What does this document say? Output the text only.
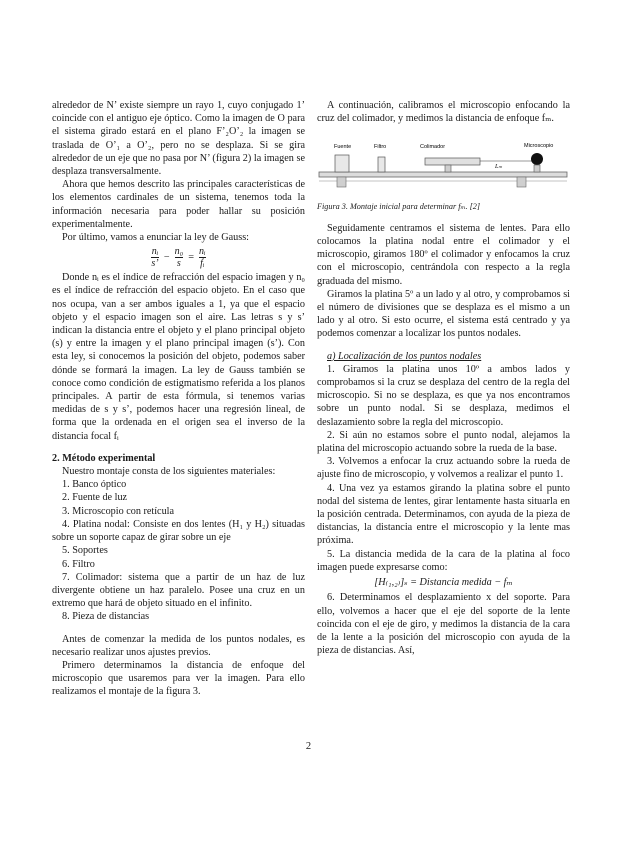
alrededor de N’ existe siempre un rayo 1, cuyo conjugado 1’ coincide con el antiguo eje óptico. Como la imagen de O para el sistema girado estará en el plano F’₂O’₂ la imagen se traslada de O’₁ a O’₂, pero no se desplaza. Si se gira alrededor de un eje que no pasa por N’ (figura 2) la imagen se desplaza transversalmente.

Ahora que hemos descrito las principales características de los elementos cardinales de un sistema, tenemos toda la información necesaria para poder hallar su posición experimentalmente.

Por último, vamos a enunciar la ley de Gauss:

$\frac{\text{nᵢ}}{s’} - \frac{\text{n₀}}{s} = \frac{\text{nᵢ}}{\text{fᵢ}}$

Donde nᵢ es el índice de refracción del espacio imagen y n₀ es el índice de refracción del espacio objeto. En el caso que nos ocupa, van a ser ambos iguales a 1, ya que el espacio objeto y el espacio imagen son el aire. Las letras s y s’ indican la distancia entre el objeto y el plano principal objeto (s) y entre la imagen y el plano principal imagen (s’). Con esta ley, si conocemos la posición del objeto, podemos saber dónde se formará la imagen. La ley de Gauss también se conoce como condición de estigmatismo referida a los planos principales. A partir de esta fórmula, si tenemos varias medidas de s y s’, podemos hacer una regresión lineal, de forma que la ordenada en el origen sea el inverso de la distancia focal fᵢ

2. Método experimental

Nuestro montaje consta de los siguientes materiales:

1. Banco óptico

2. Fuente de luz

3. Microscopio con retícula

4. Platina nodal: Consiste en dos lentes (H₁ y H₂) situadas sobre un soporte capaz de girar sobre un eje

5. Soportes

6. Filtro

7. Colimador: sistema que a partir de un haz de luz divergente obtiene un haz paralelo. Posee una cruz en un extremo que hará de objeto situado en el infinito.

8. Pieza de distancias

Antes de comenzar la medida de los puntos nodales, es necesario realizar unos ajustes previos.

Primero determinamos la distancia de enfoque del microscopio que usaremos para ver la imagen. Para ello realizamos el montaje de la figura 3.

A continuación, calibramos el microscopio enfocando la cruz del colimador, y medimos la distancia de enfoque fₘ.

Fuente	Filtro	Colimador
Lₘ
Microscopio

Figura 3. Montaje inicial para determinar fₘ. [2]

Seguidamente centramos el sistema de lentes. Para ello colocamos la platina nodal entre el colimador y el microscopio, giramos 180º el colimador y enfocamos la cruz con el microscopio, centrándola con respecto a la regla graduada del mismo.

Giramos la platina 5º a un lado y al otro, y comprobamos si el número de divisiones que se desplaza es el mismo a un lado y al otro. Si esto ocurre, el sistema está centrado y ya podemos comenzar a localizar los puntos nodales.

a) Localización de los puntos nodales

1. Giramos la platina unos 10º a ambos lados y comprobamos si la cruz se desplaza del centro de la regla del microscopio. Si no se desplaza, es que ya nos encontramos sobre un punto nodal. Si se desplaza, medimos el deslazamiento sobre la regla del microscopio.

2. Si aún no estamos sobre el punto nodal, alejamos la platina del microscopio actuando sobre la rueda de la base.

3. Volvemos a enfocar la cruz actuando sobre la rueda de ajuste fino de microscopio, y volvemos a realizar el punto 1.

4. Una vez ya estamos girando la platina sobre el punto nodal del sistema de lentes, girar lentamente hasta situarla en la posición centrada. Determinamos, con ayuda de la pieza de distancias, la distancia entre el microscopio y la lente mas próxima.

5. La distancia medida de la cara de la platina al foco imagen puede expresarse como:

[H₍₁,₂₎]ₛ = Distancia medida − fₘ

6. Determinamos el desplazamiento x del soporte. Para ello, volvemos a hacer que el eje del soporte de la lente coincida con el eje de giro, y medimos la distancia de la cara de la lente a la posición del microscopio con ayuda de la pieza de distancias. Así,

2
